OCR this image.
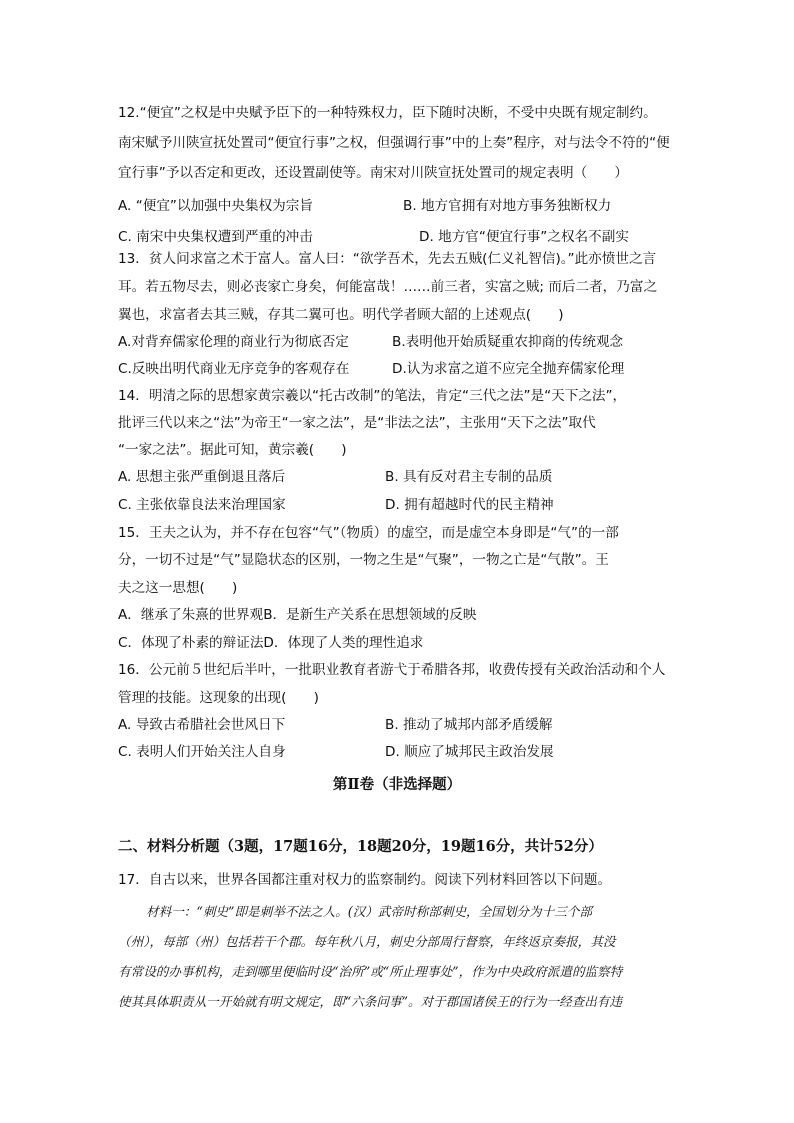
12.“便宜”之权是中央赋予臣下的一种特殊权力，臣下随时决断，不受中央既有规定制约。
南宋赋予川陕宣抚处置司“便宜行事”之权，但强调行事”中的上奏”程序，对与法令不符的“便
宜行事”予以否定和更改，还设置副使等。南宋对川陕宣抚处置司的规定表明（　　）
A. “便宜”以加强中央集权为宗旨	B. 地方官拥有对地方事务独断权力
C. 南宋中央集权遭到严重的冲击	D. 地方官“便宜行事”之权名不副实
13．贫人问求富之术于富人。富人曰：“欲学吾术，先去五贼(仁义礼智信)。”此亦愤世之言
耳。若五物尽去，则必丧家亡身矣，何能富哉！……前三者，实富之贼; 而后二者，乃富之
翼也，求富者去其三贼，存其二翼可也。明代学者顾大韶的上述观点(　　)
A.对背弃儒家伦理的商业行为彻底否定	B.表明他开始质疑重农抑商的传统观念
C.反映出明代商业无序竞争的客观存在	D.认为求富之道不应完全抛弃儒家伦理
14．明清之际的思想家黄宗羲以“托古改制”的笔法，肯定“三代之法”是“天下之法”，
批评三代以来之“法”为帝王“一家之法”，是“非法之法”，主张用“天下之法”取代
“一家之法”。据此可知，黄宗羲(　　)
A. 思想主张严重倒退且落后	B. 具有反对君主专制的品质
C. 主张依靠良法来治理国家	D. 拥有超越时代的民主精神
15．王夫之认为，并不存在包容“气”（物质）的虚空，而是虚空本身即是“气”的一部
分，一切不过是“气”显隐状态的区别，一物之生是“气聚”，一物之亡是“气散”。王
夫之这一思想(　　)
A．继承了朱熹的世界观B．是新生产关系在思想领域的反映
C．体现了朴素的辩证法D．体现了人类的理性追求
16．公元前５世纪后半叶，一批职业教育者游弋于希腊各邦，收费传授有关政治活动和个人
管理的技能。这现象的出现(　　)
A. 导致古希腊社会世风日下	B. 推动了城邦内部矛盾缓解
C. 表明人们开始关注人自身	D. 顺应了城邦民主政治发展
第Ⅱ卷（非选择题）
二、材料分析题（3题，17题16分，18题20分，19题16分，共计52分）
17．自古以来，世界各国都注重对权力的监察制约。阅读下列材料回答以下问题。
材料一：“刺史”即是刺举不法之人。(汉）武帝时称部刺史，全国划分为十三个部
（州），每部（州）包括若干个郡。每年秋八月，刺史分部周行督察，年终返京奏报，其没
有常设的办事机构，走到哪里便临时设“治所”或“所止理事处”，作为中央政府派遣的监察特
使其具体职责从一开始就有明文规定，即“六条问事”。对于郡国诸侯王的行为一经查出有违
